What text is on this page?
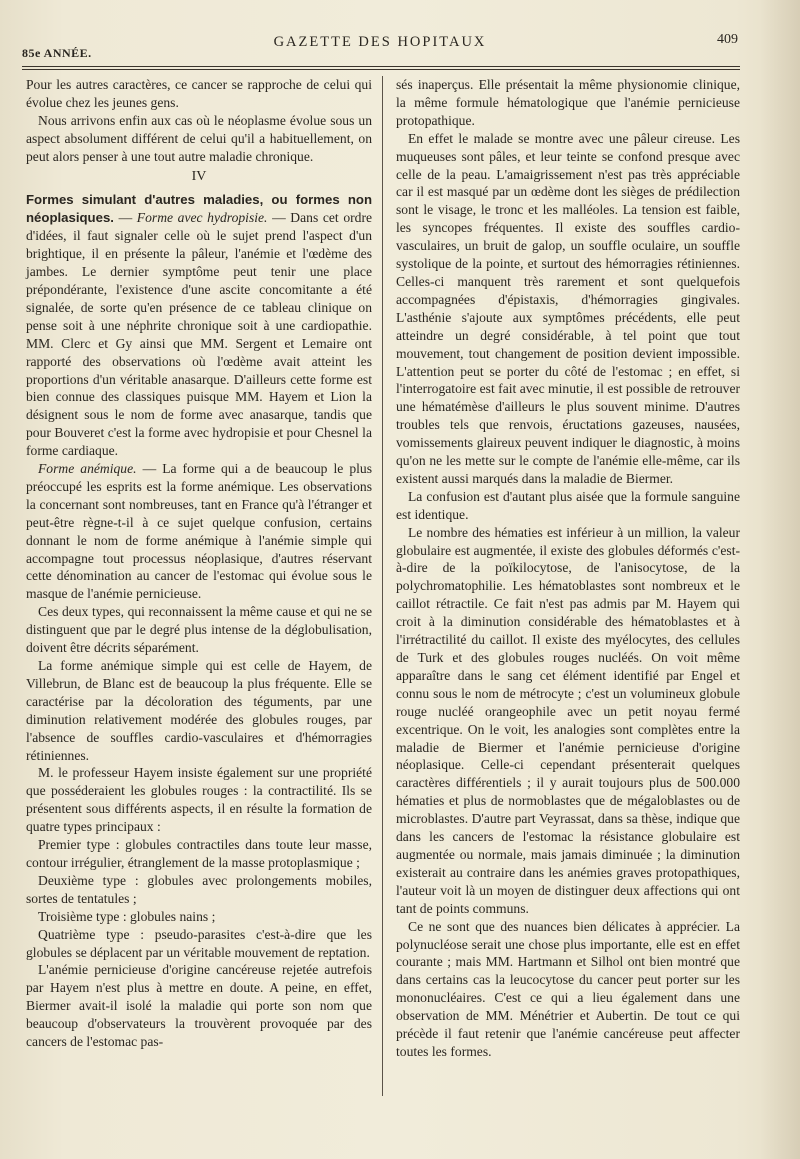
85e ANNÉE.
GAZETTE DES HOPITAUX	409

Pour les autres caractères, ce cancer se rapproche de celui qui évolue chez les jeunes gens.

Nous arrivons enfin aux cas où le néoplasme évolue sous un aspect absolument différent de celui qu'il a habituellement, on peut alors penser à une tout autre maladie chronique.

IV

Formes simulant d'autres maladies, ou formes non néoplasiques. — Forme avec hydropisie. — Dans cet ordre d'idées, il faut signaler celle où le sujet prend l'aspect d'un brightique, il en présente la pâleur, l'anémie et l'œdème des jambes. Le dernier symptôme peut tenir une place prépondérante, l'existence d'une ascite concomitante a été signalée, de sorte qu'en présence de ce tableau clinique on pense soit à une néphrite chronique soit à une cardiopathie. MM. Clerc et Gy ainsi que MM. Sergent et Lemaire ont rapporté des observations où l'œdème avait atteint les proportions d'un véritable anasarque. D'ailleurs cette forme est bien connue des classiques puisque MM. Hayem et Lion la désignent sous le nom de forme avec anasarque, tandis que pour Bouveret c'est la forme avec hydropisie et pour Chesnel la forme cardiaque.

Forme anémique. — La forme qui a de beaucoup le plus préoccupé les esprits est la forme anémique. Les observations la concernant sont nombreuses, tant en France qu'à l'étranger et peut-être règne-t-il à ce sujet quelque confusion, certains donnant le nom de forme anémique à l'anémie simple qui accompagne tout processus néoplasique, d'autres réservant cette dénomination au cancer de l'estomac qui évolue sous le masque de l'anémie pernicieuse.

Ces deux types, qui reconnaissent la même cause et qui ne se distinguent que par le degré plus intense de la déglobulisation, doivent être décrits séparément.

La forme anémique simple qui est celle de Hayem, de Villebrun, de Blanc est de beaucoup la plus fréquente. Elle se caractérise par la décoloration des téguments, par une diminution relativement modérée des globules rouges, par l'absence de souffles cardio-vasculaires et d'hémorragies rétiniennes.

M. le professeur Hayem insiste également sur une propriété que posséderaient les globules rouges : la contractilité. Ils se présentent sous différents aspects, il en résulte la formation de quatre types principaux :

Premier type : globules contractiles dans toute leur masse, contour irrégulier, étranglement de la masse protoplasmique ;

Deuxième type : globules avec prolongements mobiles, sortes de tentatules ;

Troisième type : globules nains ;

Quatrième type : pseudo-parasites c'est-à-dire que les globules se déplacent par un véritable mouvement de reptation.

L'anémie pernicieuse d'origine cancéreuse rejetée autrefois par Hayem n'est plus à mettre en doute. A peine, en effet, Biermer avait-il isolé la maladie qui porte son nom que beaucoup d'observateurs la trouvèrent provoquée par des cancers de l'estomac pas-

sés inaperçus. Elle présentait la même physionomie clinique, la même formule hématologique que l'anémie pernicieuse protopathique.

En effet le malade se montre avec une pâleur cireuse. Les muqueuses sont pâles, et leur teinte se confond presque avec celle de la peau. L'amaigrissement n'est pas très appréciable car il est masqué par un œdème dont les sièges de prédilection sont le visage, le tronc et les malléoles. La tension est faible, les syncopes fréquentes. Il existe des souffles cardio-vasculaires, un bruit de galop, un souffle oculaire, un souffle systolique de la pointe, et surtout des hémorragies rétiniennes. Celles-ci manquent très rarement et sont quelquefois accompagnées d'épistaxis, d'hémorragies gingivales. L'asthénie s'ajoute aux symptômes précédents, elle peut atteindre un degré considérable, à tel point que tout mouvement, tout changement de position devient impossible. L'attention peut se porter du côté de l'estomac ; en effet, si l'interrogatoire est fait avec minutie, il est possible de retrouver une hématémèse d'ailleurs le plus souvent minime. D'autres troubles tels que renvois, éructations gazeuses, nausées, vomissements glaireux peuvent indiquer le diagnostic, à moins qu'on ne les mette sur le compte de l'anémie elle-même, car ils existent aussi marqués dans la maladie de Biermer.

La confusion est d'autant plus aisée que la formule sanguine est identique.

Le nombre des hématies est inférieur à un million, la valeur globulaire est augmentée, il existe des globules déformés c'est-à-dire de la poïkilocytose, de l'anisocytose, de la polychromatophilie. Les hématoblastes sont nombreux et le caillot rétractile. Ce fait n'est pas admis par M. Hayem qui croit à la diminution considérable des hématoblastes et à l'irrétractilité du caillot. Il existe des myélocytes, des cellules de Turk et des globules rouges nucléés. On voit même apparaître dans le sang cet élément identifié par Engel et connu sous le nom de métrocyte ; c'est un volumineux globule rouge nucléé orangeophile avec un petit noyau fermé excentrique. On le voit, les analogies sont complètes entre la maladie de Biermer et l'anémie pernicieuse d'origine néoplasique. Celle-ci cependant présenterait quelques caractères différentiels ; il y aurait toujours plus de 500.000 hématies et plus de normoblastes que de mégaloblastes ou de microblastes. D'autre part Veyrassat, dans sa thèse, indique que dans les cancers de l'estomac la résistance globulaire est augmentée ou normale, mais jamais diminuée ; la diminution existerait au contraire dans les anémies graves protopathiques, l'auteur voit là un moyen de distinguer deux affections qui ont tant de points communs.

Ce ne sont que des nuances bien délicates à apprécier. La polynucléose serait une chose plus importante, elle est en effet courante ; mais MM. Hartmann et Silhol ont bien montré que dans certains cas la leucocytose du cancer peut porter sur les mononucléaires. C'est ce qui a lieu également dans une observation de MM. Ménétrier et Aubertin. De tout ce qui précède il faut retenir que l'anémie cancéreuse peut affecter toutes les formes.
